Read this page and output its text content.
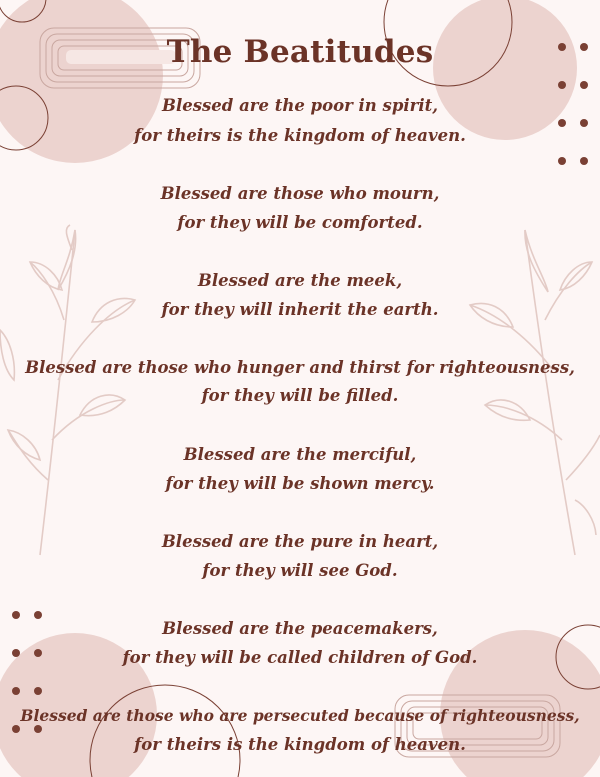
The Beatitudes
Blessed are the poor in spirit,
for theirs is the kingdom of heaven.
Blessed are those who mourn,
for they will be comforted.
Blessed are the meek,
for they will inherit the earth.
Blessed are those who hunger and thirst for righteousness,
for they will be filled.
Blessed are the merciful,
for they will be shown mercy.
Blessed are the pure in heart,
for they will see God.
Blessed are the peacemakers,
for they will be called children of God.
Blessed are those who are persecuted because of righteousness,
for theirs is the kingdom of heaven.
